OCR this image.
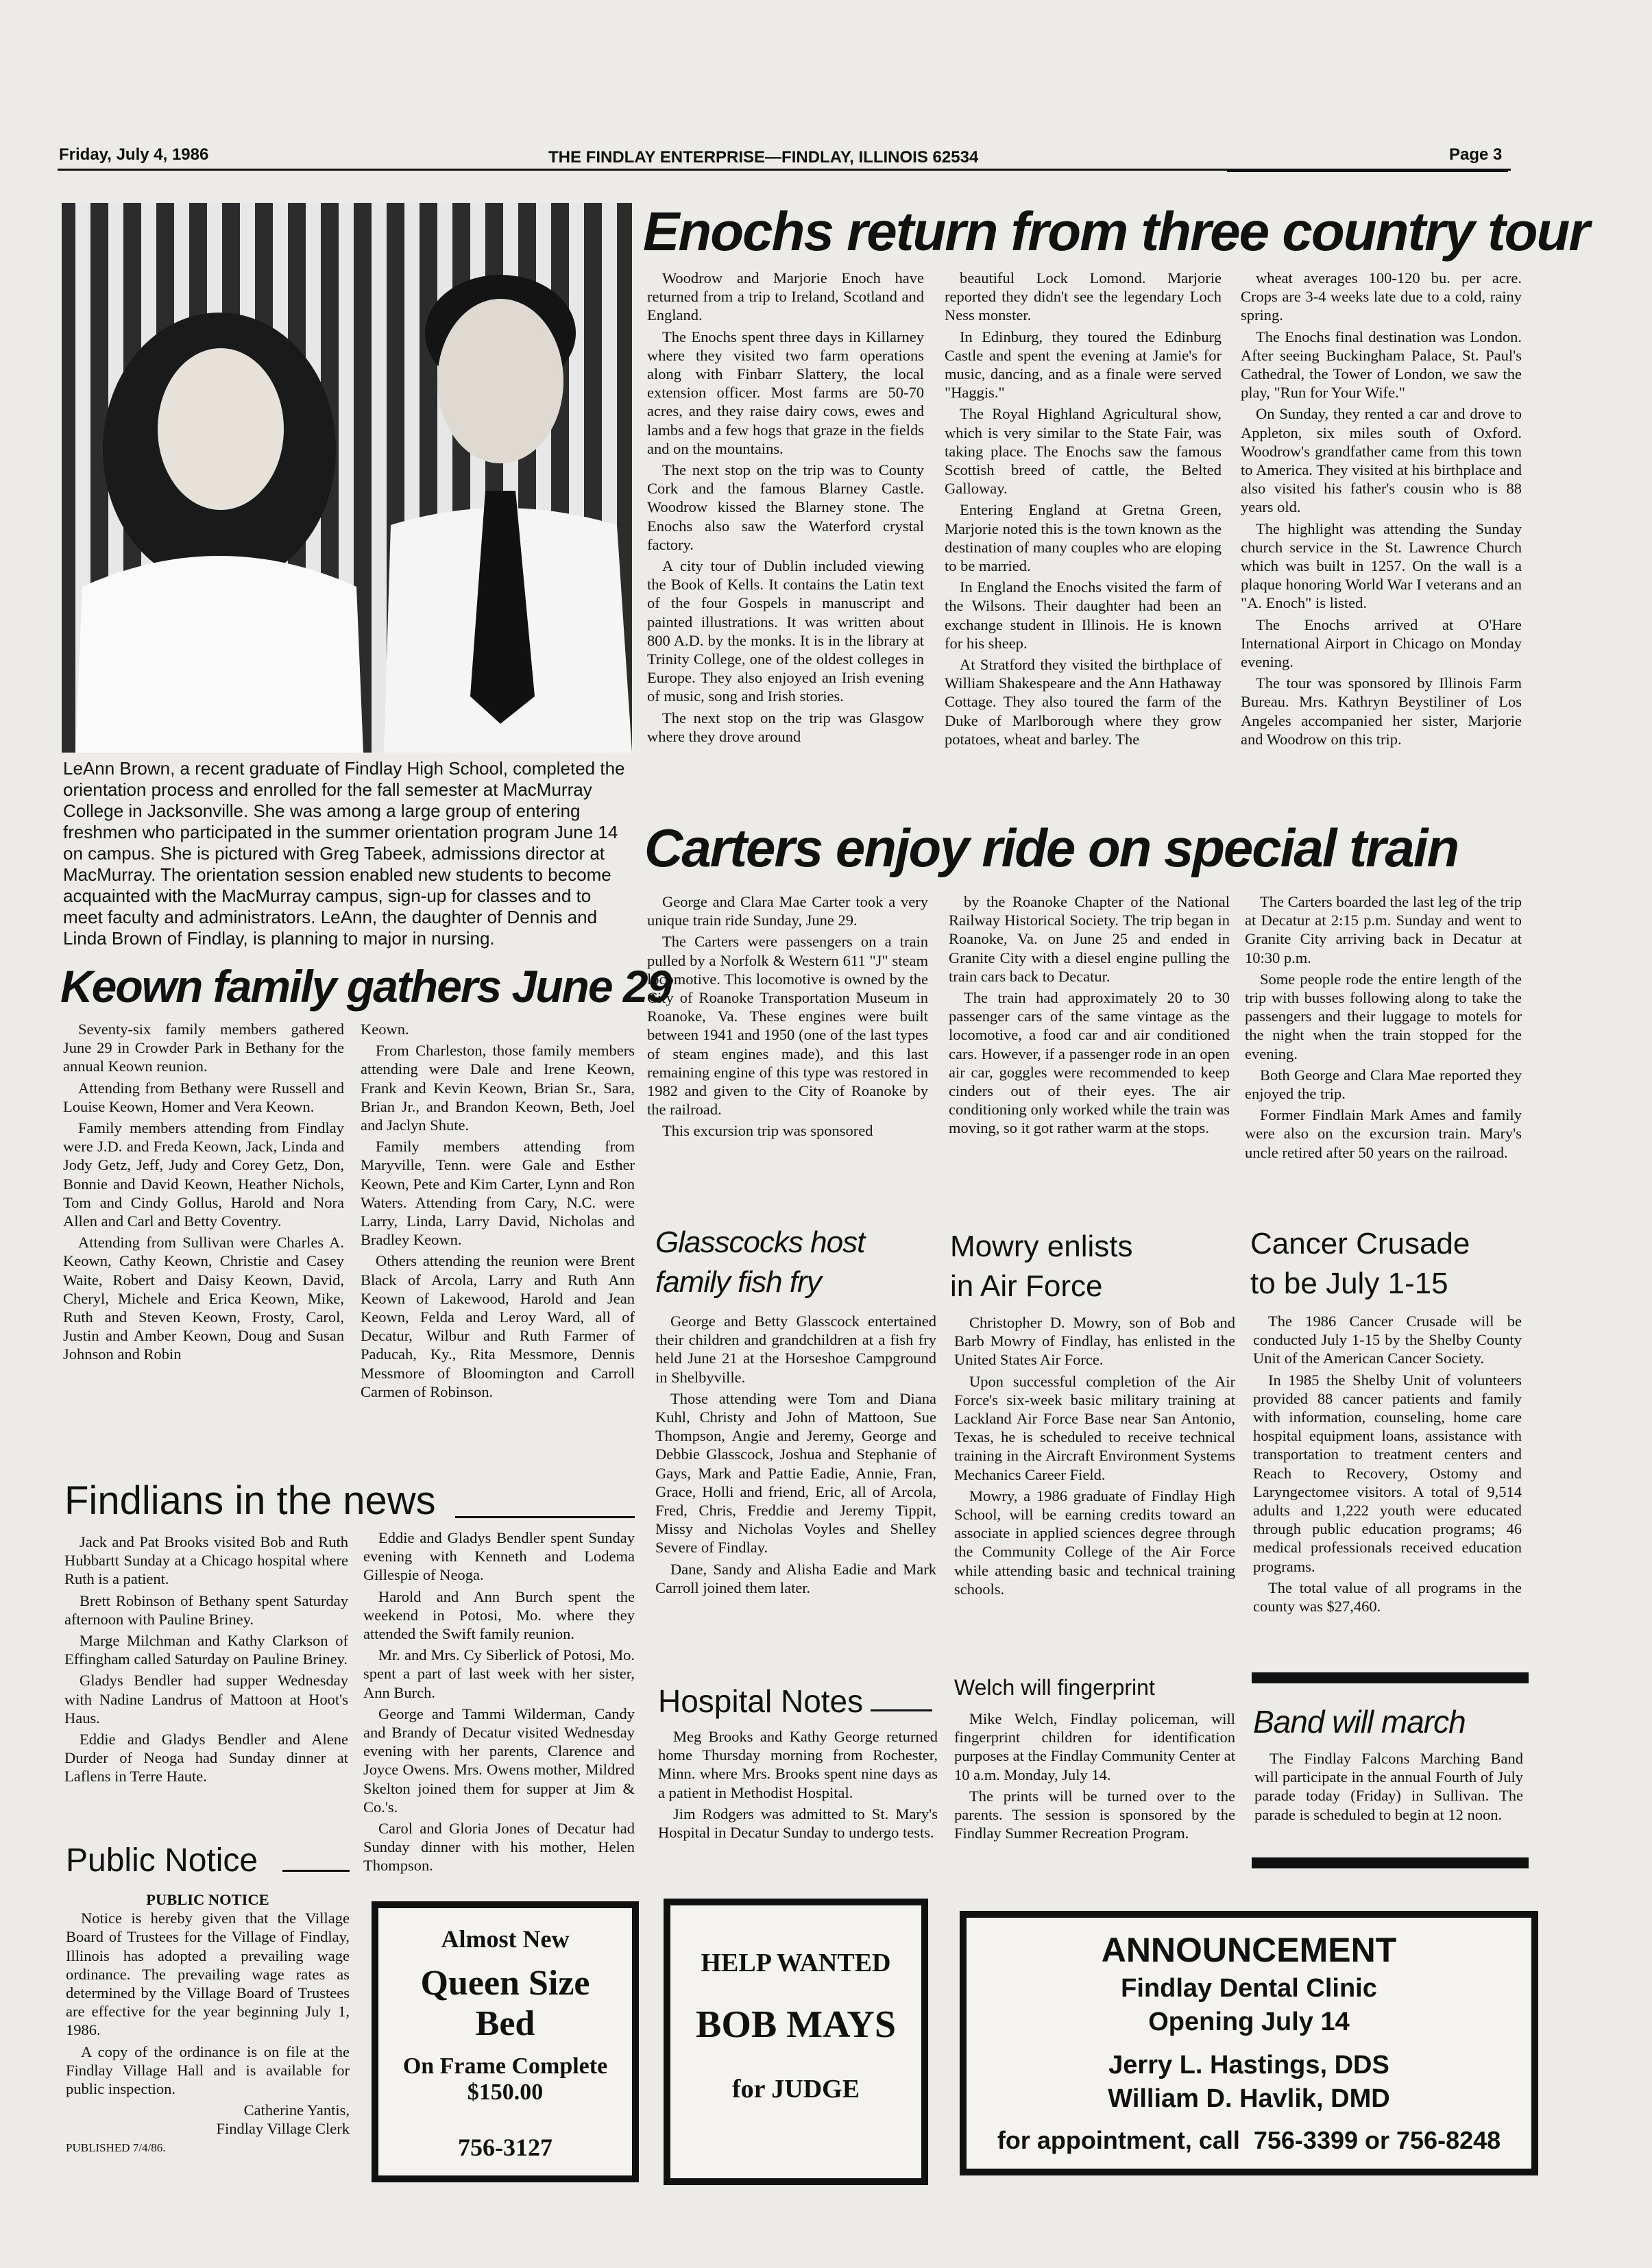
Friday, July 4, 1986	THE FINDLAY ENTERPRISE—FINDLAY, ILLINOIS 62534	Page 3
LeAnn Brown, a recent graduate of Findlay High School, completed the orientation process and enrolled for the fall semester at MacMurray College in Jacksonville. She was among a large group of entering freshmen who participated in the summer orientation program June 14 on campus. She is pictured with Greg Tabeek, admissions director at MacMurray. The orientation session enabled new students to become acquainted with the MacMurray campus, sign-up for classes and to meet faculty and administrators. LeAnn, the daughter of Dennis and Linda Brown of Findlay, is planning to major in nursing.
Enochs return from three country tour

Woodrow and Marjorie Enoch have returned from a trip to Ireland, Scotland and England.

The Enochs spent three days in Killarney where they visited two farm operations along with Finbarr Slattery, the local extension officer. Most farms are 50-70 acres, and they raise dairy cows, ewes and lambs and a few hogs that graze in the fields and on the mountains.

The next stop on the trip was to County Cork and the famous Blarney Castle. Woodrow kissed the Blarney stone. The Enochs also saw the Waterford crystal factory.

A city tour of Dublin included viewing the Book of Kells. It contains the Latin text of the four Gospels in manuscript and painted illustrations. It was written about 800 A.D. by the monks. It is in the library at Trinity College, one of the oldest colleges in Europe. They also enjoyed an Irish evening of music, song and Irish stories.

The next stop on the trip was Glasgow where they drove around

beautiful Lock Lomond. Marjorie reported they didn't see the legendary Loch Ness monster.

In Edinburg, they toured the Edinburg Castle and spent the evening at Jamie's for music, dancing, and as a finale were served "Haggis."

The Royal Highland Agricultural show, which is very similar to the State Fair, was taking place. The Enochs saw the famous Scottish breed of cattle, the Belted Galloway.

Entering England at Gretna Green, Marjorie noted this is the town known as the destination of many couples who are eloping to be married.

In England the Enochs visited the farm of the Wilsons. Their daughter had been an exchange student in Illinois. He is known for his sheep.

At Stratford they visited the birthplace of William Shakespeare and the Ann Hathaway Cottage. They also toured the farm of the Duke of Marlborough where they grow potatoes, wheat and barley. The

wheat averages 100-120 bu. per acre. Crops are 3-4 weeks late due to a cold, rainy spring.

The Enochs final destination was London. After seeing Buckingham Palace, St. Paul's Cathedral, the Tower of London, we saw the play, "Run for Your Wife."

On Sunday, they rented a car and drove to Appleton, six miles south of Oxford. Woodrow's grandfather came from this town to America. They visited at his birthplace and also visited his father's cousin who is 88 years old.

The highlight was attending the Sunday church service in the St. Lawrence Church which was built in 1257. On the wall is a plaque honoring World War I veterans and an "A. Enoch" is listed.

The Enochs arrived at O'Hare International Airport in Chicago on Monday evening.

The tour was sponsored by Illinois Farm Bureau. Mrs. Kathryn Beystiliner of Los Angeles accompanied her sister, Marjorie and Woodrow on this trip.

Carters enjoy ride on special train

George and Clara Mae Carter took a very unique train ride Sunday, June 29.

The Carters were passengers on a train pulled by a Norfolk & Western 611 "J" steam locomotive. This locomotive is owned by the City of Roanoke Transportation Museum in Roanoke, Va. These engines were built between 1941 and 1950 (one of the last types of steam engines made), and this last remaining engine of this type was restored in 1982 and given to the City of Roanoke by the railroad.

This excursion trip was sponsored

by the Roanoke Chapter of the National Railway Historical Society. The trip began in Roanoke, Va. on June 25 and ended in Granite City with a diesel engine pulling the train cars back to Decatur.

The train had approximately 20 to 30 passenger cars of the same vintage as the locomotive, a food car and air conditioned cars. However, if a passenger rode in an open air car, goggles were recommended to keep cinders out of their eyes. The air conditioning only worked while the train was moving, so it got rather warm at the stops.

The Carters boarded the last leg of the trip at Decatur at 2:15 p.m. Sunday and went to Granite City arriving back in Decatur at 10:30 p.m.

Some people rode the entire length of the trip with busses following along to take the passengers and their luggage to motels for the night when the train stopped for the evening.

Both George and Clara Mae reported they enjoyed the trip.

Former Findlain Mark Ames and family were also on the excursion train. Mary's uncle retired after 50 years on the railroad.

Keown family gathers June 29

Seventy-six family members gathered June 29 in Crowder Park in Bethany for the annual Keown reunion.

Attending from Bethany were Russell and Louise Keown, Homer and Vera Keown.

Family members attending from Findlay were J.D. and Freda Keown, Jack, Linda and Jody Getz, Jeff, Judy and Corey Getz, Don, Bonnie and David Keown, Heather Nichols, Tom and Cindy Gollus, Harold and Nora Allen and Carl and Betty Coventry.

Attending from Sullivan were Charles A. Keown, Cathy Keown, Christie and Casey Waite, Robert and Daisy Keown, David, Cheryl, Michele and Erica Keown, Mike, Ruth and Steven Keown, Frosty, Carol, Justin and Amber Keown, Doug and Susan Johnson and Robin

Keown.

From Charleston, those family members attending were Dale and Irene Keown, Frank and Kevin Keown, Brian Sr., Sara, Brian Jr., and Brandon Keown, Beth, Joel and Jaclyn Shute.

Family members attending from Maryville, Tenn. were Gale and Esther Keown, Pete and Kim Carter, Lynn and Ron Waters. Attending from Cary, N.C. were Larry, Linda, Larry David, Nicholas and Bradley Keown.

Others attending the reunion were Brent Black of Arcola, Larry and Ruth Ann Keown of Lakewood, Harold and Jean Keown, Felda and Leroy Ward, all of Decatur, Wilbur and Ruth Farmer of Paducah, Ky., Rita Messmore, Dennis Messmore of Bloomington and Carroll Carmen of Robinson.

Findlians in the news

Jack and Pat Brooks visited Bob and Ruth Hubbartt Sunday at a Chicago hospital where Ruth is a patient.

Brett Robinson of Bethany spent Saturday afternoon with Pauline Briney.

Marge Milchman and Kathy Clarkson of Effingham called Saturday on Pauline Briney.

Gladys Bendler had supper Wednesday with Nadine Landrus of Mattoon at Hoot's Haus.

Eddie and Gladys Bendler and Alene Durder of Neoga had Sunday dinner at Laflens in Terre Haute.

Eddie and Gladys Bendler spent Sunday evening with Kenneth and Lodema Gillespie of Neoga.

Harold and Ann Burch spent the weekend in Potosi, Mo. where they attended the Swift family reunion.

Mr. and Mrs. Cy Siberlick of Potosi, Mo. spent a part of last week with her sister, Ann Burch.

George and Tammi Wilderman, Candy and Brandy of Decatur visited Wednesday evening with her parents, Clarence and Joyce Owens. Mrs. Owens mother, Mildred Skelton joined them for supper at Jim & Co.'s.

Carol and Gloria Jones of Decatur had Sunday dinner with his mother, Helen Thompson.

Public Notice
PUBLIC NOTICE

Notice is hereby given that the Village Board of Trustees for the Village of Findlay, Illinois has adopted a prevailing wage ordinance. The prevailing wage rates as determined by the Village Board of Trustees are effective for the year beginning July 1, 1986.

A copy of the ordinance is on file at the Findlay Village Hall and is available for public inspection.

Catherine Yantis,
Findlay Village Clerk
PUBLISHED 7/4/86.
Glasscocks host
family fish fry

George and Betty Glasscock entertained their children and grandchildren at a fish fry held June 21 at the Horseshoe Campground in Shelbyville.

Those attending were Tom and Diana Kuhl, Christy and John of Mattoon, Sue Thompson, Angie and Jeremy, George and Debbie Glasscock, Joshua and Stephanie of Gays, Mark and Pattie Eadie, Annie, Fran, Grace, Holli and friend, Eric, all of Arcola, Fred, Chris, Freddie and Jeremy Tippit, Missy and Nicholas Voyles and Shelley Severe of Findlay.

Dane, Sandy and Alisha Eadie and Mark Carroll joined them later.

Mowry enlists
in Air Force

Christopher D. Mowry, son of Bob and Barb Mowry of Findlay, has enlisted in the United States Air Force.

Upon successful completion of the Air Force's six-week basic military training at Lackland Air Force Base near San Antonio, Texas, he is scheduled to receive technical training in the Aircraft Environment Systems Mechanics Career Field.

Mowry, a 1986 graduate of Findlay High School, will be earning credits toward an associate in applied sciences degree through the Community College of the Air Force while attending basic and technical training schools.

Cancer Crusade
to be July 1-15

The 1986 Cancer Crusade will be conducted July 1-15 by the Shelby County Unit of the American Cancer Society.

In 1985 the Shelby Unit of volunteers provided 88 cancer patients and family with information, counseling, home care hospital equipment loans, assistance with transportation to treatment centers and Reach to Recovery, Ostomy and Laryngectomee visitors. A total of 9,514 adults and 1,222 youth were educated through public education programs; 46 medical professionals received education programs.

The total value of all programs in the county was $27,460.

Hospital Notes

Meg Brooks and Kathy George returned home Thursday morning from Rochester, Minn. where Mrs. Brooks spent nine days as a patient in Methodist Hospital.

Jim Rodgers was admitted to St. Mary's Hospital in Decatur Sunday to undergo tests.

Welch will fingerprint

Mike Welch, Findlay policeman, will fingerprint children for identification purposes at the Findlay Community Center at 10 a.m. Monday, July 14.

The prints will be turned over to the parents. The session is sponsored by the Findlay Summer Recreation Program.

Band will march

The Findlay Falcons Marching Band will participate in the annual Fourth of July parade today (Friday) in Sullivan. The parade is scheduled to begin at 12 noon.

Almost New
Queen Size
Bed
On Frame Complete
$150.00
756-3127
HELP WANTED
BOB MAYS
for JUDGE
ANNOUNCEMENT
Findlay Dental Clinic
Opening July 14
Jerry L. Hastings, DDS
William D. Havlik, DMD
for appointment, call  756-3399 or 756-8248
